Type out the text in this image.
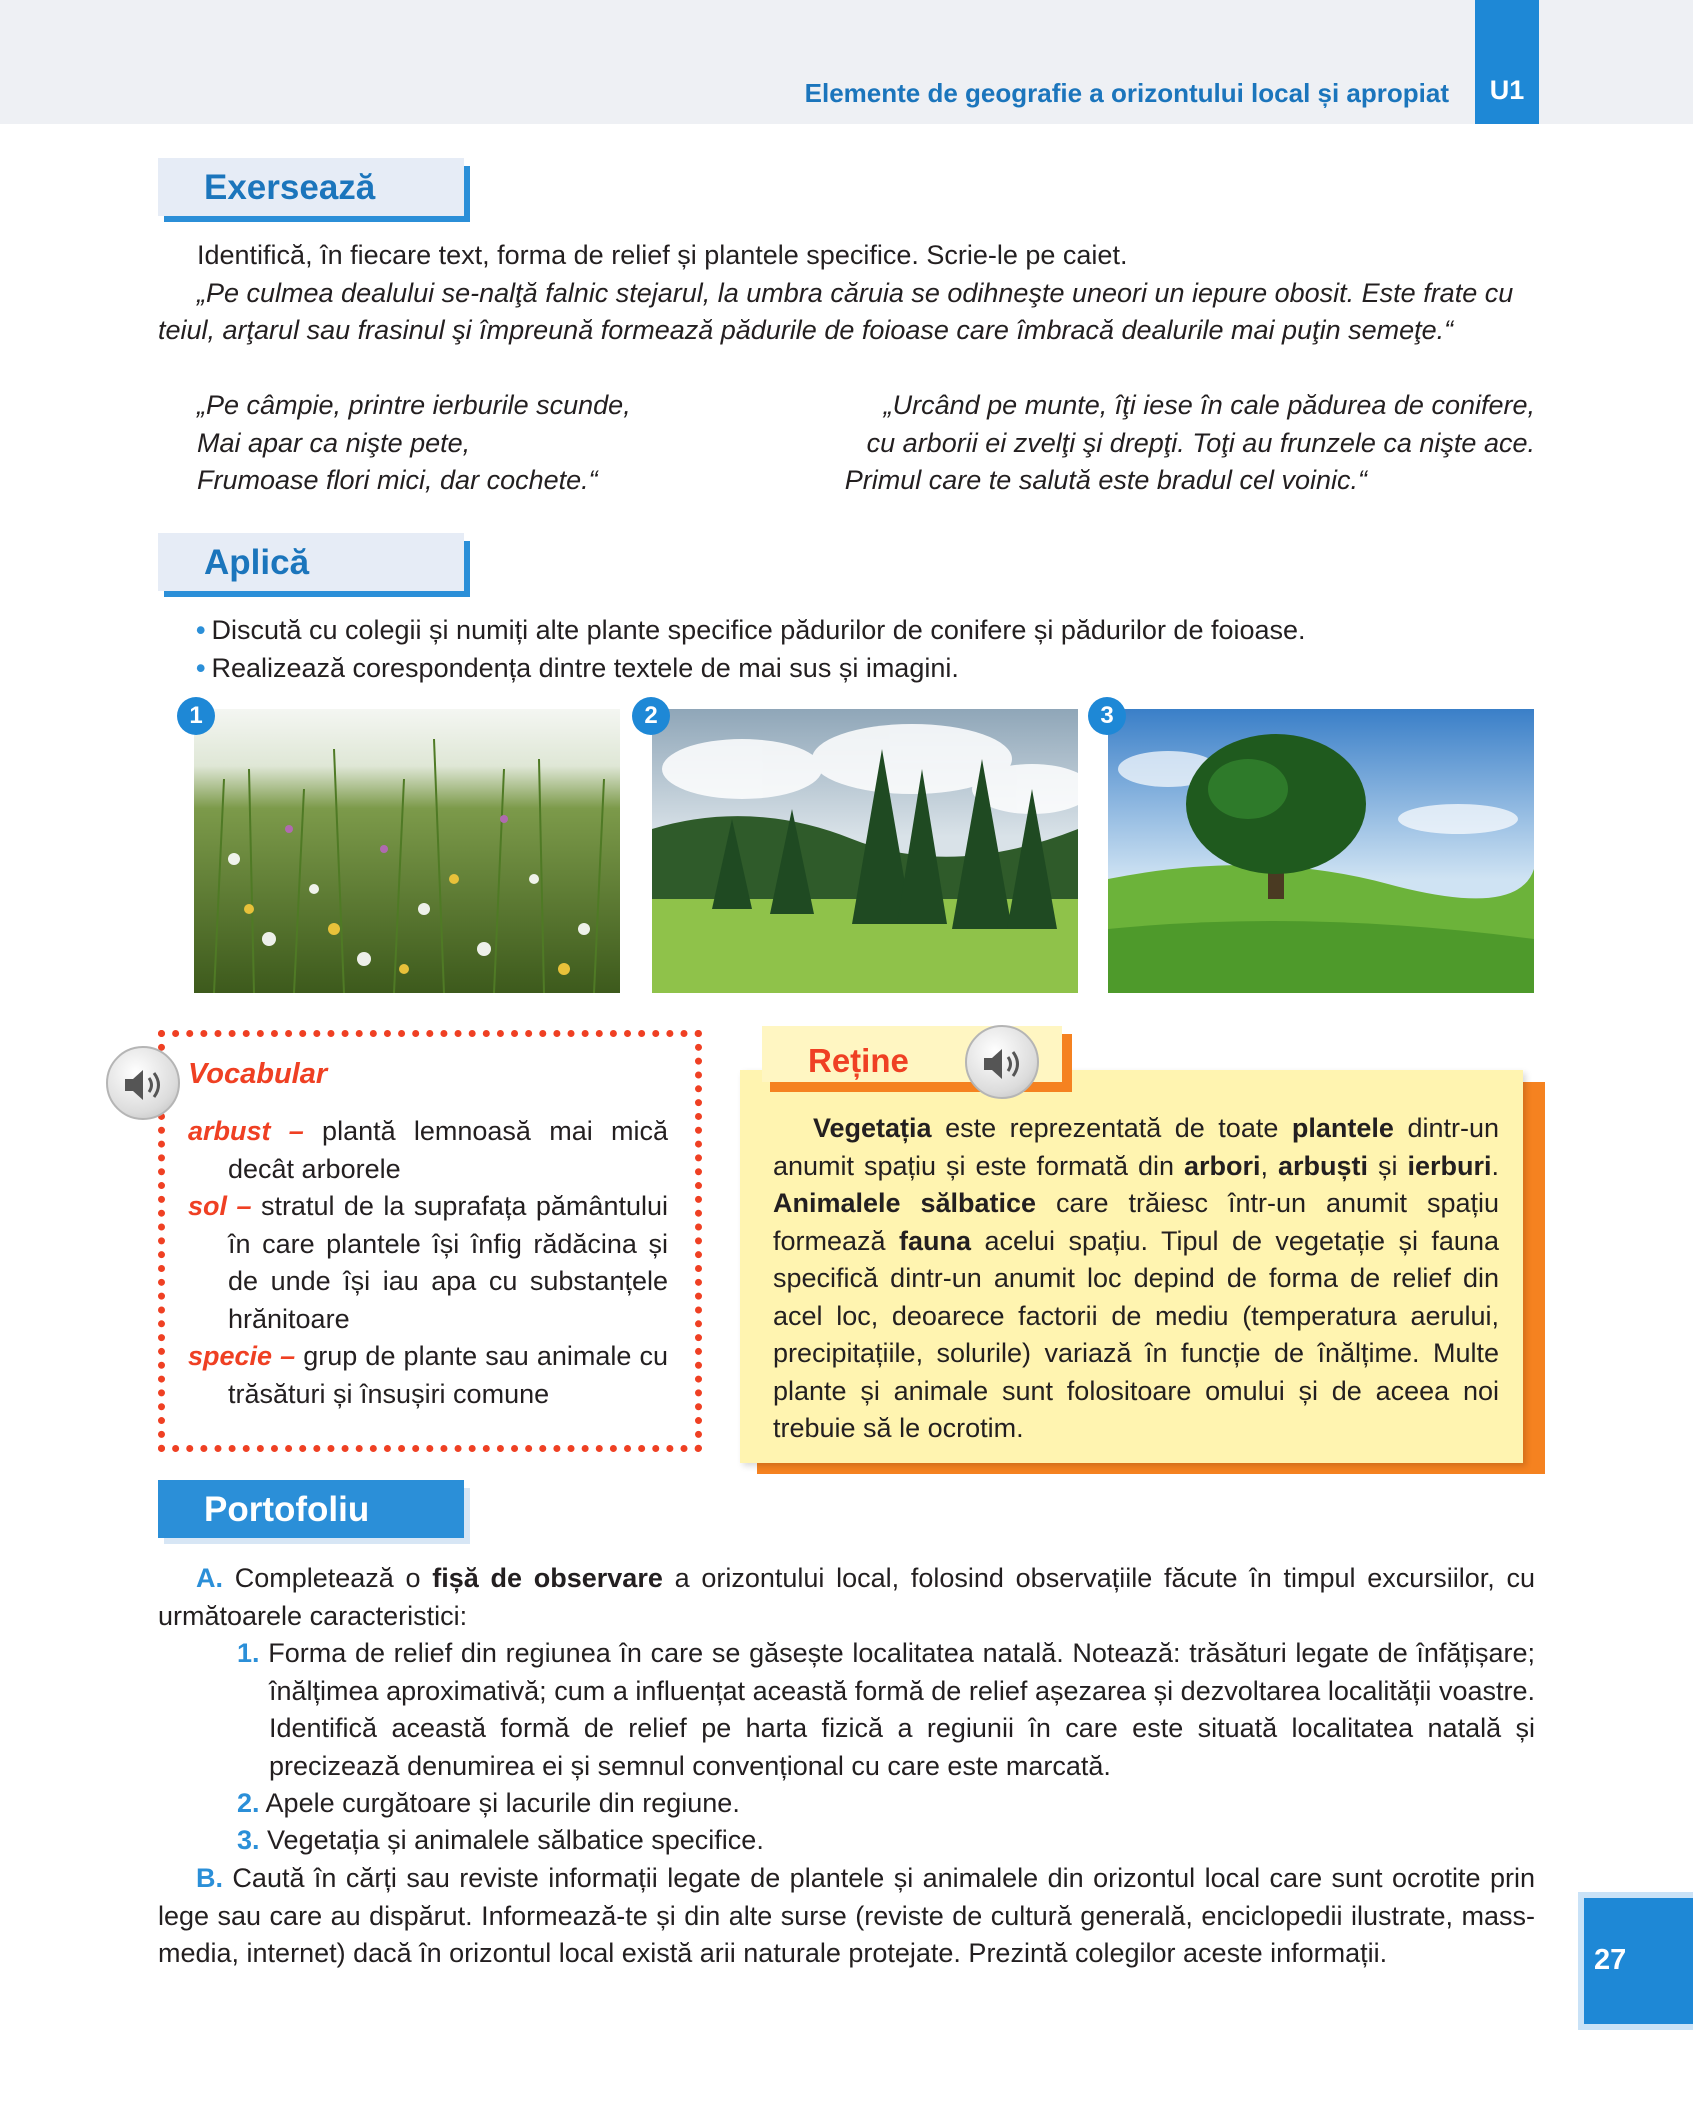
Elemente de geografie a orizontului local și apropiat	U1
Exersează
Identifică, în fiecare text, forma de relief și plantele specifice. Scrie-le pe caiet.
„Pe culmea dealului se-nalţă falnic stejarul, la umbra căruia se odihneşte uneori un iepure obosit. Este frate cu
teiul, arţarul sau frasinul şi împreună formează pădurile de foioase care îmbracă dealurile mai puţin semeţe.“
„Pe câmpie, printre ierburile scunde,
Mai apar ca nişte pete,
Frumoase flori mici, dar cochete.“
„Urcând pe munte, îţi iese în cale pădurea de conifere,
cu arborii ei zvelţi şi drepţi. Toţi au frunzele ca nişte ace.
Primul care te salută este bradul cel voinic.“
Aplică
• Discută cu colegii și numiți alte plante specifice pădurilor de conifere și pădurilor de foioase.
• Realizează corespondența dintre textele de mai sus și imagini.
1	2	3
Vocabular

arbust – plantă lemnoasă mai mică decât arborele

sol – stratul de la suprafața pământului în care plantele își înfig rădăcina și de unde își iau apa cu substanțele hrănitoare

specie – grup de plante sau animale cu trăsături și însușiri comune

Reține
Vegetația este reprezentată de toate plantele dintr-un anumit spațiu și este formată din arbori, arbuști și ierburi. Animalele sălbatice care trăiesc într-un anumit spațiu formează fauna acelui spațiu. Tipul de vegetație și fauna specifică dintr-un anumit loc depind de forma de relief din acel loc, deoarece factorii de mediu (temperatura aerului, precipitațiile, solurile) variază în funcție de înălțime. Multe plante și animale sunt folositoare omului și de aceea noi trebuie să le ocrotim.
Portofoliu
A. Completează o fișă de observare a orizontului local, folosind observațiile făcute în timpul excursiilor, cu următoarele caracteristici:
1. Forma de relief din regiunea în care se găsește localitatea natală. Notează: trăsături legate de înfățișare; înălțimea aproximativă; cum a influențat această formă de relief așezarea și dezvoltarea localității voastre. Identifică această formă de relief pe harta fizică a regiunii în care este situată localitatea natală și precizează denumirea ei și semnul convențional cu care este marcată.
2. Apele curgătoare și lacurile din regiune.
3. Vegetația și animalele sălbatice specifice.
B. Caută în cărți sau reviste informații legate de plantele și animalele din orizontul local care sunt ocrotite prin lege sau care au dispărut. Informează-te și din alte surse (reviste de cultură generală, enciclopedii ilustrate, mass-media, internet) dacă în orizontul local există arii naturale protejate. Prezintă colegilor aceste informații.	27
